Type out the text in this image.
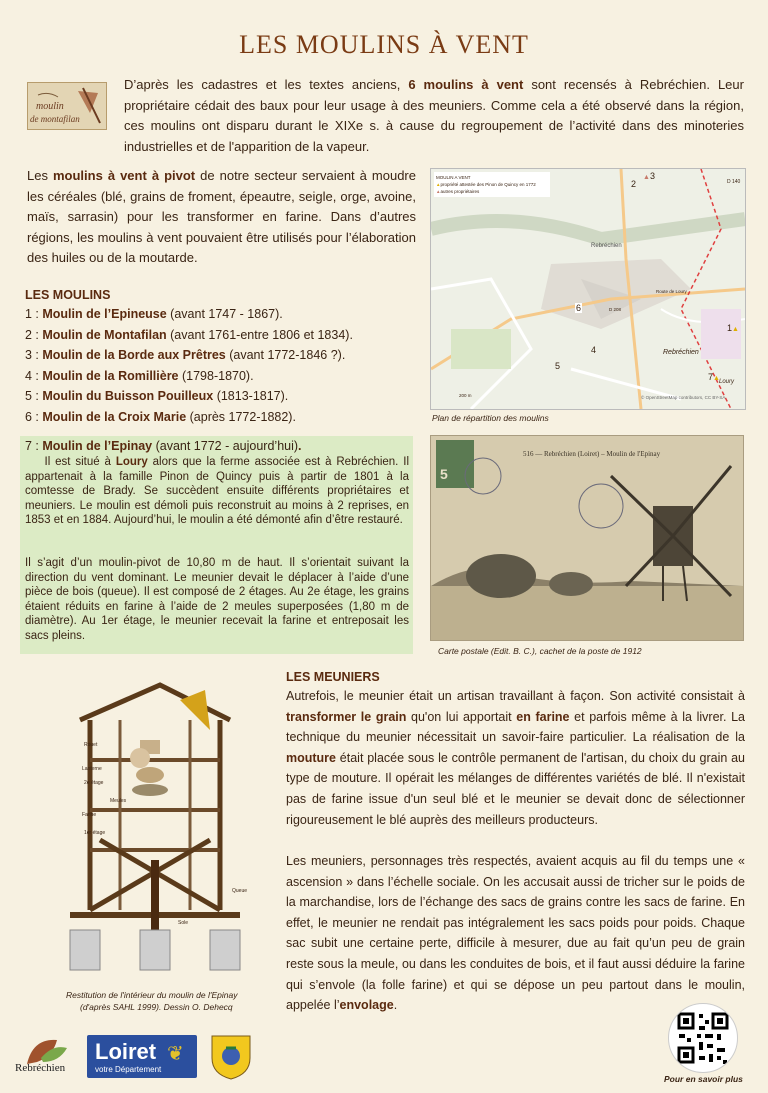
LES MOULINS À VENT
moulin
de montafilan
D’après les cadastres et les textes anciens, 6 moulins à vent sont recensés à Rebréchien. Leur propriétaire cédait des baux pour leur usage à des meuniers. Comme cela a été observé dans la région, ces moulins ont disparu durant le XIXe s. à cause du regroupement de l’activité dans des minoteries industrielles et de l'apparition de la vapeur.
Les moulins à vent à pivot de notre secteur servaient à moudre les céréales (blé, grains de froment, épeautre, seigle, orge, avoine, maïs, sarrasin) pour les transformer en farine. Dans d’autres régions, les moulins à vent pouvaient être utilisés pour l’élaboration des huiles ou de la moutarde.
LES MOULINS
1 : Moulin de l’Epineuse (avant 1747 - 1867).
2 : Moulin de Montafilan (avant 1761-entre 1806 et 1834).
3 : Moulin de la Borde aux Prêtres (avant 1772-1846 ?).
4 : Moulin de la Romillière (1798-1870).
5 : Moulin du Buisson Pouilleux (1813-1817).
6 : Moulin de la Croix Marie (après 1772-1882).
7 : Moulin de l’Epinay (avant 1772 - aujourd’hui).
Il est situé à Loury alors que la ferme associée est à Rebréchien. Il appartenait à la famille Pinon de Quincy puis à partir de 1801 à la comtesse de Brady. Se succèdent ensuite différents propriétaires et meuniers. Le moulin est démoli puis reconstruit au moins à 2 reprises, en 1853 et en 1884. Aujourd’hui, le moulin a été démonté afin d’être restauré.
Il s’agit d’un moulin-pivot de 10,80 m de haut. Il s’orientait suivant la direction du vent dominant. Le meunier devait le déplacer à l’aide d’une pièce de bois (queue). Il est composé de 2 étages. Au 2e étage, les grains étaient réduits en farine à l’aide de 2 meules superposées (1,80 m de diamètre). Au 1er étage, le meunier recevait la farine et entreposait les sacs pleins.
MOULIN A VENT
▲propriété attestée des Pinon de Quincy en 1772
▲autres propriétaires
D 140
Rebréchien
Rebréchien
Loury
D 208
Route de Loury
200 m	© OpenStreetMap contributors, CC BY-SA
1▲
2
▲3
4
5
6
7▲
Plan de répartition des moulins
5
516 — Rebréchien (Loiret) – Moulin de l'Epinay
Carte postale (Edit. B. C.), cachet de la poste de 1912
Rouet
Lanterne
2e étage
Meules
Farine
1er étage
Queue
Sole
Restitution de l'intérieur du moulin de l'Epinay
(d'après SAHL 1999). Dessin O. Dehecq
LES MEUNIERS
Autrefois, le meunier était un artisan travaillant à façon. Son activité consistait à transformer le grain qu'on lui apportait en farine et parfois même à la livrer. La technique du meunier nécessitait un savoir-faire particulier. La réalisation de la mouture était placée sous le contrôle permanent de l'artisan, du choix du grain au type de mouture. Il opérait les mélanges de différentes variétés de blé. Il n'existait pas de farine issue d'un seul blé et le meunier se devait donc de sélectionner rigoureusement le blé auprès des meilleurs producteurs.
Les meuniers, personnages très respectés, avaient acquis au fil du temps une « ascension » dans l’échelle sociale. On les accusait aussi de tricher sur le poids de la marchandise, lors de l’échange des sacs de grains contre les sacs de farine. En effet, le meunier ne rendait pas intégralement les sacs poids pour poids. Chaque sac subit une certaine perte, difficile à mesurer, due au fait qu’un peu de grain reste sous la meule, ou dans les conduites de bois, et il faut aussi déduire la farine qui s’envole (la folle farine) et qui se dépose un peu partout dans le moulin, appelée l’envolage.
Rebréchien
Loiret
votre Département
❦
Pour en savoir plus
